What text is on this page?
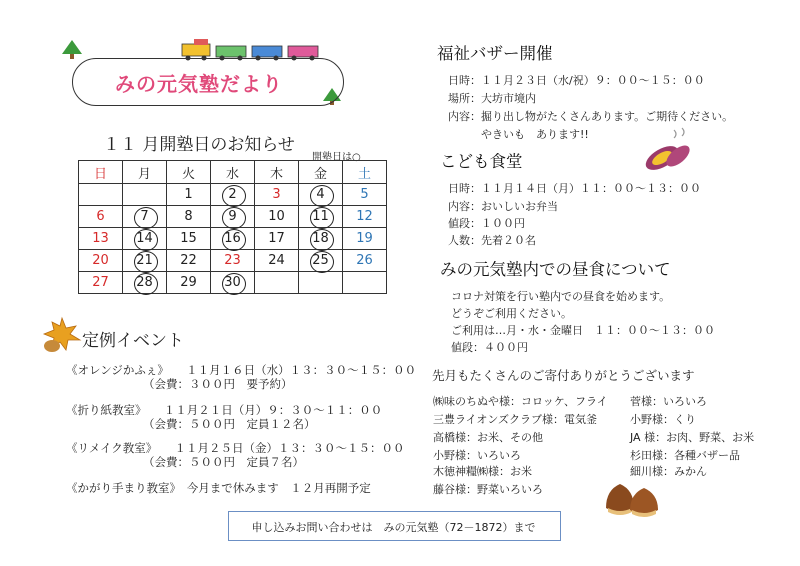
みの元気塾だより
１１ 月開塾日のお知らせ
開塾日は○
日	月	火	水	木	金	土
		1	2	3	4	5
6	7	8	9	10	11	12
13	14	15	16	17	18	19
20	21	22	23	24	25	26
27	28	29	30			
定例イベント
《オレンジかふぇ》　　１１月１６日（水）１３：３０～１５：００
（会費：３００円　要予約）
《折り紙教室》　　１１月２１日（月）９：３０～１１：００
（会費：５００円　定員１２名）
《リメイク教室》　　１１月２５日（金）１３：３０～１５：００
（会費：５００円　定員７名）
《かがり手まり教室》　今月まで休みます　１２月再開予定
福祉バザー開催
日時：１１月２３日（水/祝）９：００～１５：００
場所：大坊市境内
内容：掘り出し物がたくさんあります。ご期待ください。
　　　やきいも　あります!!
こども食堂
日時：１１月１４日（月）１１：００～１３：００
内容：おいしいお弁当
値段：１００円
人数：先着２０名
みの元気塾内での昼食について
コロナ対策を行い塾内での昼食を始めます。
どうぞご利用ください。
ご利用は…月・水・金曜日　１１：００～１３：００
値段：４００円
先月もたくさんのご寄付ありがとうございます
㈱味のちぬや様：コロッケ、フライ
三豊ライオンズクラブ様：電気釜
高橋様：お米、その他
小野様：いろいろ
木徳神糧㈱様：お米
藤谷様：野菜いろいろ
菅様：いろいろ
小野様：くり
JA 様：お肉、野菜、お米
杉田様：各種バザー品
細川様：みかん
申し込みお問い合わせは　みの元気塾（72－1872）まで
